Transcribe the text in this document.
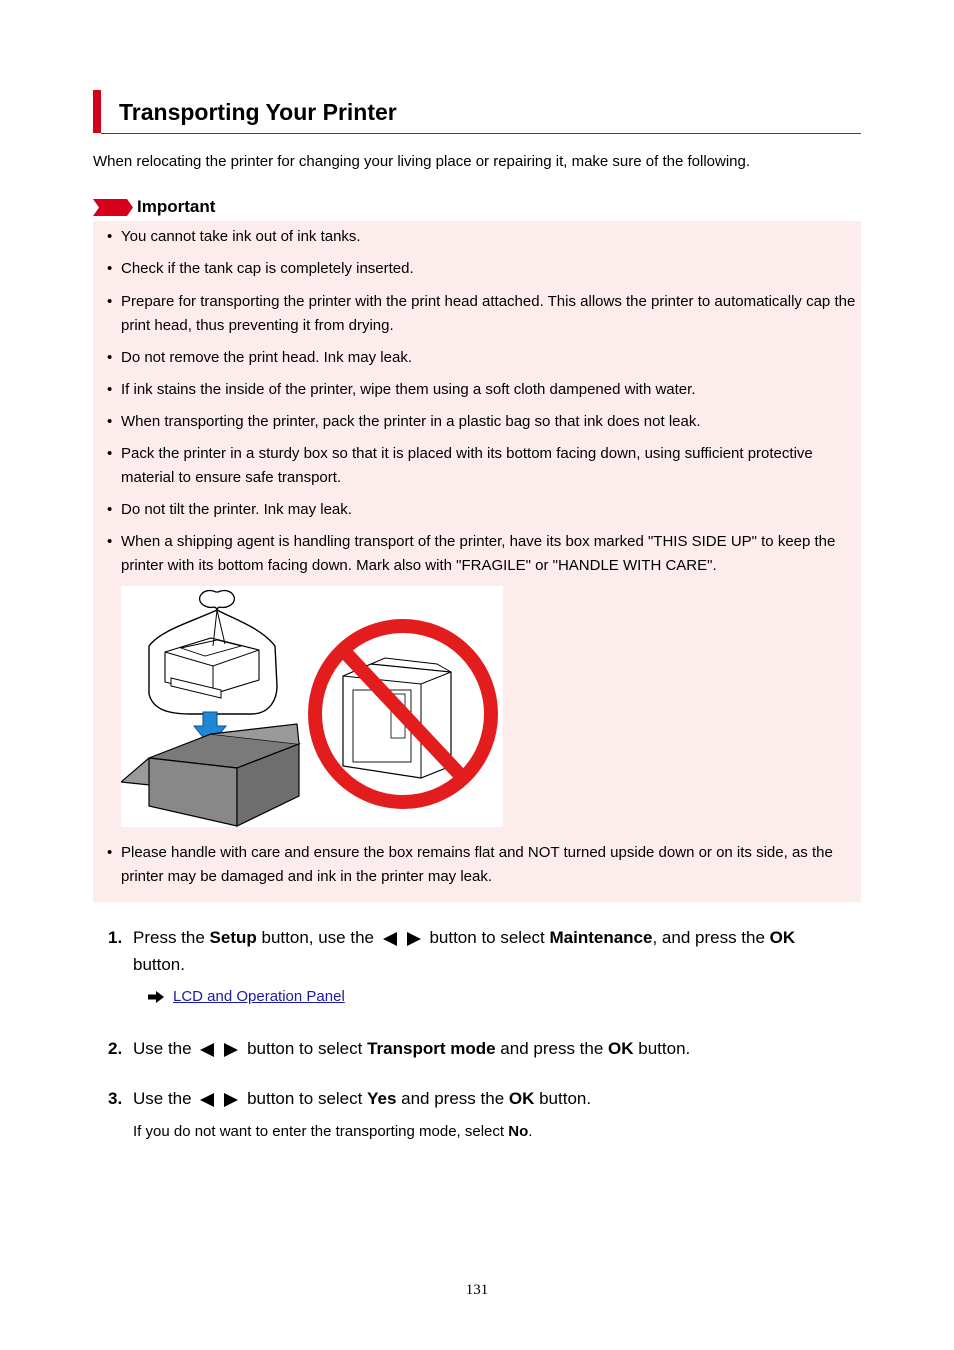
Transporting Your Printer

When relocating the printer for changing your living place or repairing it, make sure of the following.

Important
• You cannot take ink out of ink tanks.
• Check if the tank cap is completely inserted.
• Prepare for transporting the printer with the print head attached. This allows the printer to automatically cap the print head, thus preventing it from drying.
• Do not remove the print head. Ink may leak.
• If ink stains the inside of the printer, wipe them using a soft cloth dampened with water.
• When transporting the printer, pack the printer in a plastic bag so that ink does not leak.
• Pack the printer in a sturdy box so that it is placed with its bottom facing down, using sufficient protective material to ensure safe transport.
• Do not tilt the printer. Ink may leak.
• When a shipping agent is handling transport of the printer, have its box marked "THIS SIDE UP" to keep the printer with its bottom facing down. Mark also with "FRAGILE" or "HANDLE WITH CARE".
• Please handle with care and ensure the box remains flat and NOT turned upside down or on its side, as the printer may be damaged and ink in the printer may leak.
1. Press the Setup button, use the	button to select Maintenance, and press the OK button.
LCD and Operation Panel
2. Use the	button to select Transport mode and press the OK button.
3. Use the	button to select Yes and press the OK button.
If you do not want to enter the transporting mode, select No.
131
